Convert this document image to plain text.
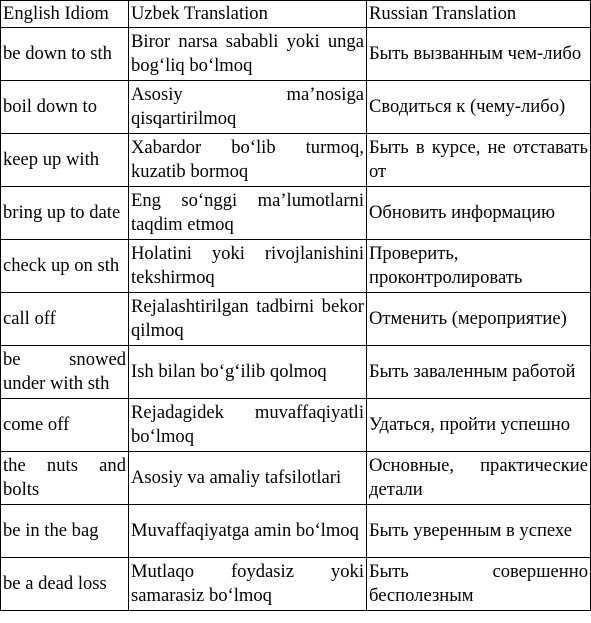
English Idiom	Uzbek Translation	Russian Translation
be down to sth	Biror narsa sababli yoki unga bog‘liq bo‘lmoq	Быть вызванным чем-либо
boil down to	Asosiy ma’nosiga qisqartirilmoq	Сводиться к (чему-либо)
keep up with	Xabardor bo‘lib turmoq, kuzatib bormoq	Быть в курсе, не отставать от
bring up to date	Eng so‘nggi ma’lumotlarni taqdim etmoq	Обновить информацию
check up on sth	Holatini yoki rivojlanishini tekshirmoq	Проверить, проконтролировать
call off	Rejalashtirilgan tadbirni bekor qilmoq	Отменить (мероприятие)
be snowed under with sth	Ish bilan bo‘g‘ilib qolmoq	Быть заваленным работой
come off	Rejadagidek muvaffaqiyatli bo‘lmoq	Удаться, пройти успешно
the nuts and bolts	Asosiy va amaliy tafsilotlari	Основные, практические детали
be in the bag	Muvaffaqiyatga amin bo‘lmoq	Быть уверенным в успехе
be a dead loss	Mutlaqo foydasiz yoki samarasiz bo‘lmoq	Быть совершенно бесполезным
